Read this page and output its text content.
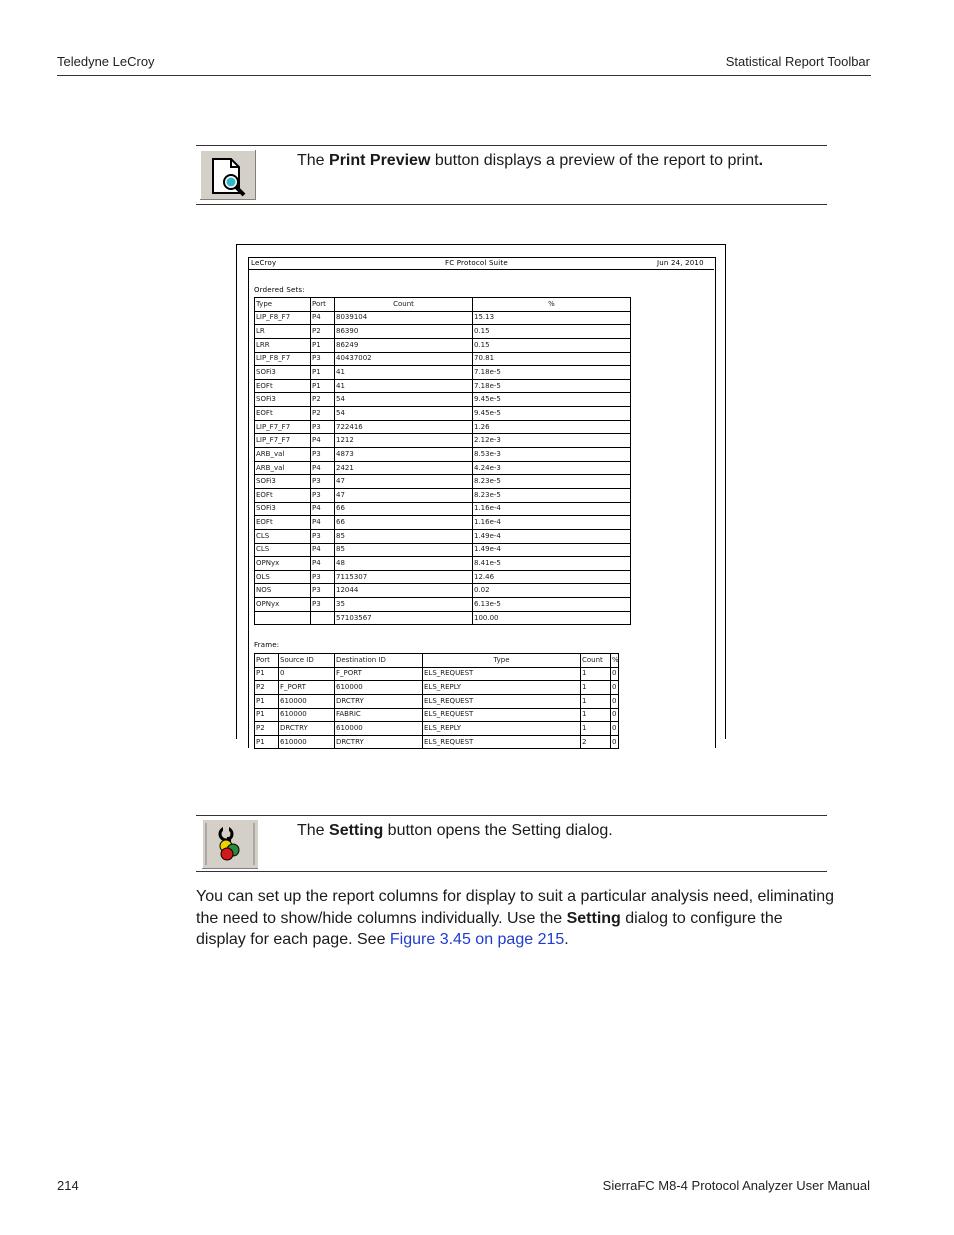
Teledyne LeCroy	Statistical Report Toolbar
The Print Preview button displays a preview of the report to print.
LeCroy	FC Protocol Suite	Jun 24, 2010
Ordered Sets:
Type	Port	Count	%
LIP_F8_F7	P4	8039104	15.13
LR	P2	86390	0.15
LRR	P1	86249	0.15
LIP_F8_F7	P3	40437002	70.81
SOFi3	P1	41	7.18e-5
EOFt	P1	41	7.18e-5
SOFi3	P2	54	9.45e-5
EOFt	P2	54	9.45e-5
LIP_F7_F7	P3	722416	1.26
LIP_F7_F7	P4	1212	2.12e-3
ARB_val	P3	4873	8.53e-3
ARB_val	P4	2421	4.24e-3
SOFi3	P3	47	8.23e-5
EOFt	P3	47	8.23e-5
SOFi3	P4	66	1.16e-4
EOFt	P4	66	1.16e-4
CLS	P3	85	1.49e-4
CLS	P4	85	1.49e-4
OPNyx	P4	48	8.41e-5
OLS	P3	7115307	12.46
NOS	P3	12044	0.02
OPNyx	P3	35	6.13e-5
		57103567	100.00
Frame:
Port	Source ID	Destination ID	Type	Count	%
P1	0	F_PORT	ELS_REQUEST	1	0
P2	F_PORT	610000	ELS_REPLY	1	0
P1	610000	DRCTRY	ELS_REQUEST	1	0
P1	610000	FABRIC	ELS_REQUEST	1	0
P2	DRCTRY	610000	ELS_REPLY	1	0
P1	610000	DRCTRY	ELS_REQUEST	2	0
The Setting button opens the Setting dialog.

You can set up the report columns for display to suit a particular analysis need, eliminating the need to show/hide columns individually. Use the Setting dialog to configure the display for each page. See Figure 3.45 on page 215.

214	SierraFC M8-4 Protocol Analyzer User Manual
